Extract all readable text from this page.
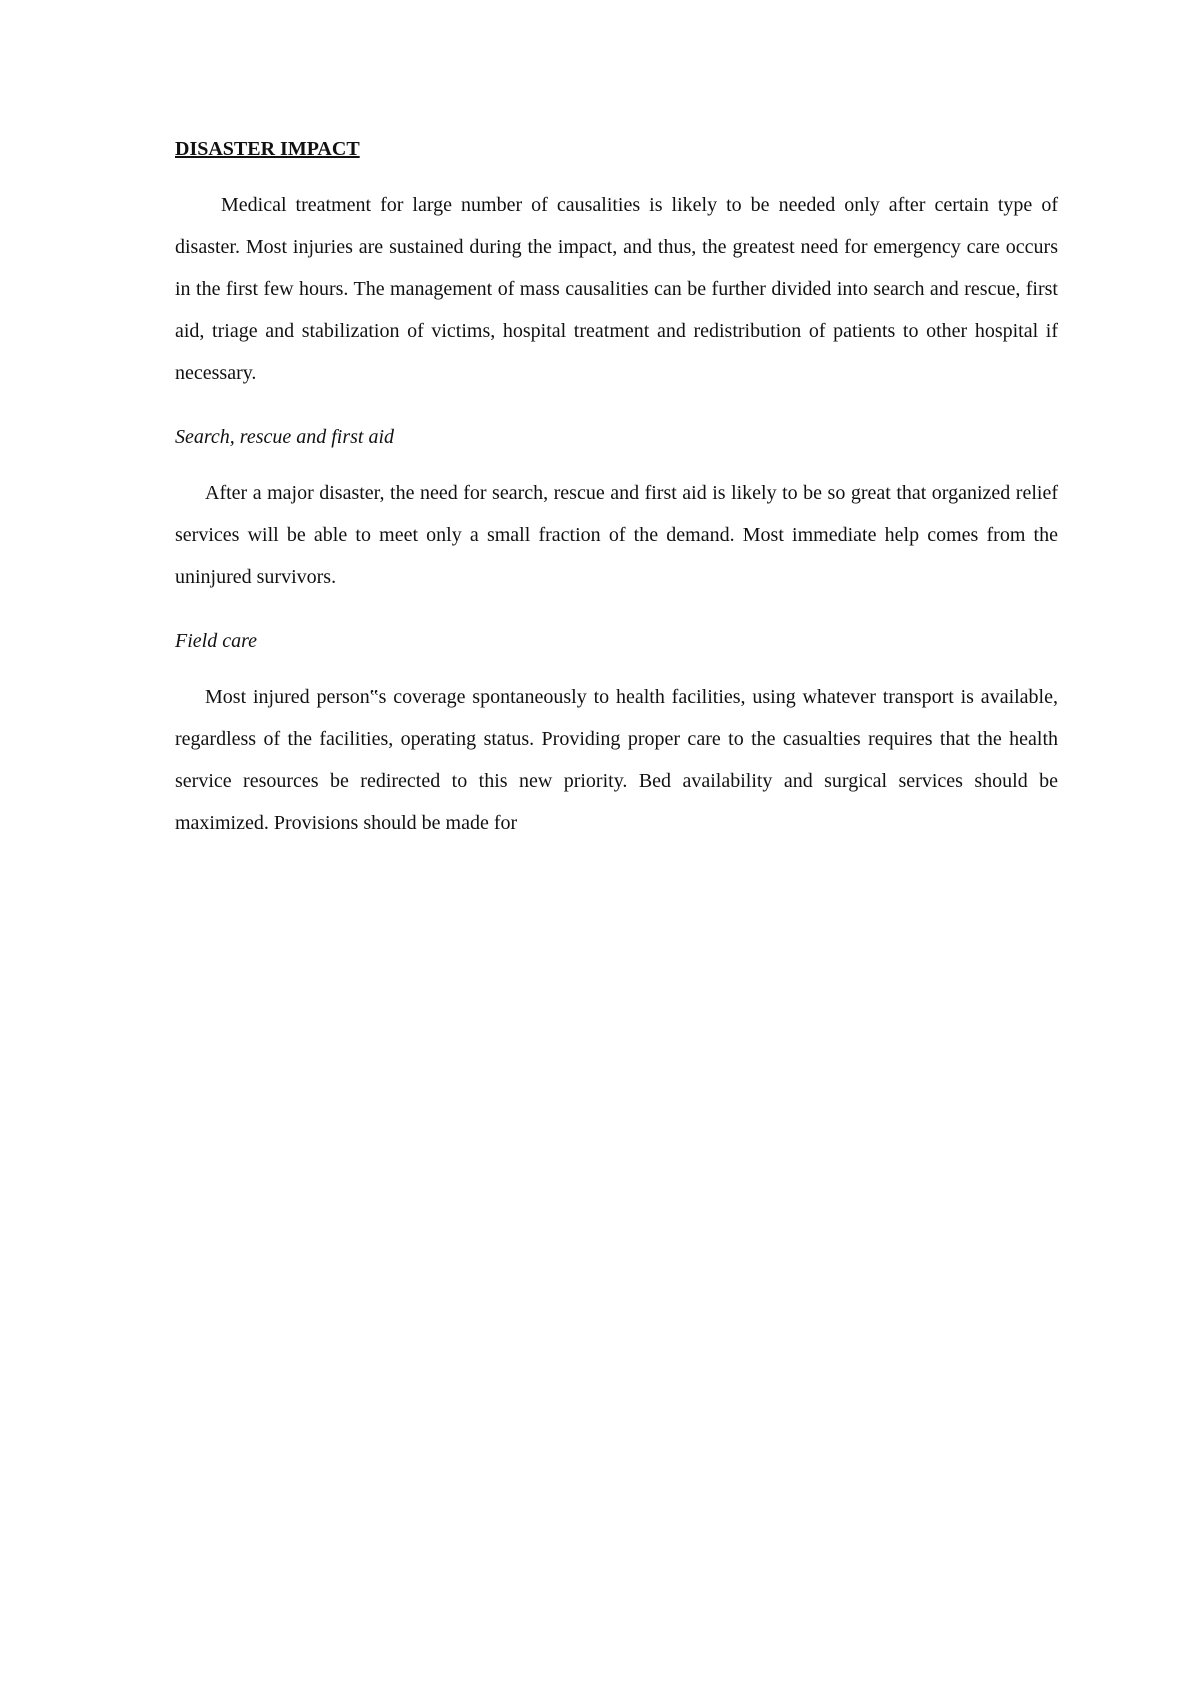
DISASTER IMPACT

Medical treatment for large number of causalities is likely to be needed only after certain type of disaster. Most injuries are sustained during the impact, and thus, the greatest need for emergency care occurs in the first few hours. The management of mass causalities can be further divided into search and rescue, first aid, triage and stabilization of victims, hospital treatment and redistribution of patients to other hospital if necessary.

Search, rescue and first aid

After a major disaster, the need for search, rescue and first aid is likely to be so great that organized relief services will be able to meet only a small fraction of the demand. Most immediate help comes from the uninjured survivors.

Field care

Most injured person‟s coverage spontaneously to health facilities, using whatever transport is available, regardless of the facilities, operating status. Providing proper care to the casualties requires that the health service resources be redirected to this new priority. Bed availability and surgical services should be maximized. Provisions should be made for
